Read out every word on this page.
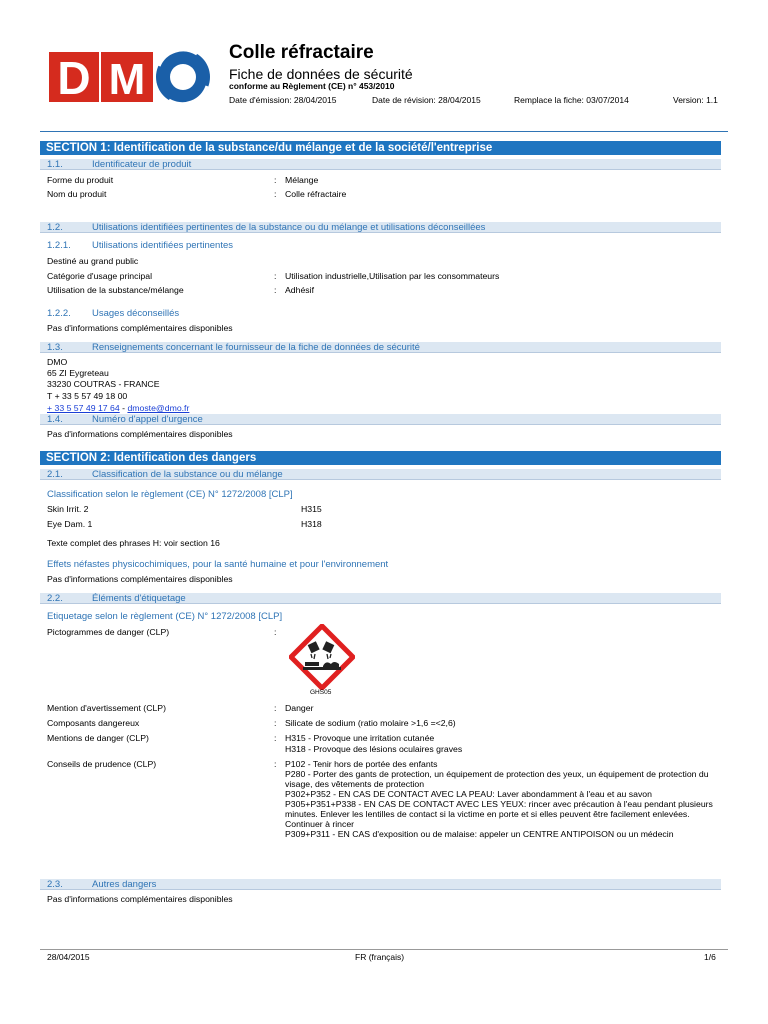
D M
Colle réfractaire
Fiche de données de sécurité
conforme au Règlement (CE) n° 453/2010
Date d'émission: 28/04/2015	Date de révision: 28/04/2015	Remplace la fiche: 03/07/2014	Version: 1.1
SECTION 1: Identification de la substance/du mélange et de la société/l'entreprise
1.1.	Identificateur de produit
Forme du produit	: Mélange
Nom du produit	: Colle réfractaire
1.2.	Utilisations identifiées pertinentes de la substance ou du mélange et utilisations déconseillées
1.2.1. Utilisations identifiées pertinentes
Destiné au grand public
Catégorie d'usage principal	: Utilisation industrielle,Utilisation par les consommateurs
Utilisation de la substance/mélange	: Adhésif
1.2.2. Usages déconseillés
Pas d'informations complémentaires disponibles
1.3.	Renseignements concernant le fournisseur de la fiche de données de sécurité
DMO
65 ZI Eygreteau
33230 COUTRAS - FRANCE
T + 33 5 57 49 18 00
+ 33 5 57 49 17 64 - dmoste@dmo.fr
1.4.	Numéro d'appel d'urgence
Pas d'informations complémentaires disponibles
SECTION 2: Identification des dangers
2.1.	Classification de la substance ou du mélange
Classification selon le règlement (CE) N° 1272/2008 [CLP]
Skin Irrit. 2	H315
Eye Dam. 1	H318
Texte complet des phrases H: voir section 16
Effets néfastes physicochimiques, pour la santé humaine et pour l'environnement
Pas d'informations complémentaires disponibles
2.2.	Éléments d'étiquetage
Etiquetage selon le règlement (CE) N° 1272/2008 [CLP]
Pictogrammes de danger (CLP)	:
GHS05
Mention d'avertissement (CLP)	: Danger
Composants dangereux	: Silicate de sodium (ratio molaire >1,6 =<2,6)
Mentions de danger (CLP)	: H315 - Provoque une irritation cutanée
H318 - Provoque des lésions oculaires graves
Conseils de prudence (CLP)	: P102 - Tenir hors de portée des enfants
P280 - Porter des gants de protection, un équipement de protection des yeux, un équipement de protection du visage, des vêtements de protection
P302+P352 - EN CAS DE CONTACT AVEC LA PEAU: Laver abondamment à l'eau et au savon
P305+P351+P338 - EN CAS DE CONTACT AVEC LES YEUX: rincer avec précaution à l'eau pendant plusieurs minutes. Enlever les lentilles de contact si la victime en porte et si elles peuvent être facilement enlevées. Continuer à rincer
P309+P311 - EN CAS d'exposition ou de malaise: appeler un CENTRE ANTIPOISON ou un médecin
2.3.	Autres dangers
Pas d'informations complémentaires disponibles
28/04/2015	FR (français)	1/6
